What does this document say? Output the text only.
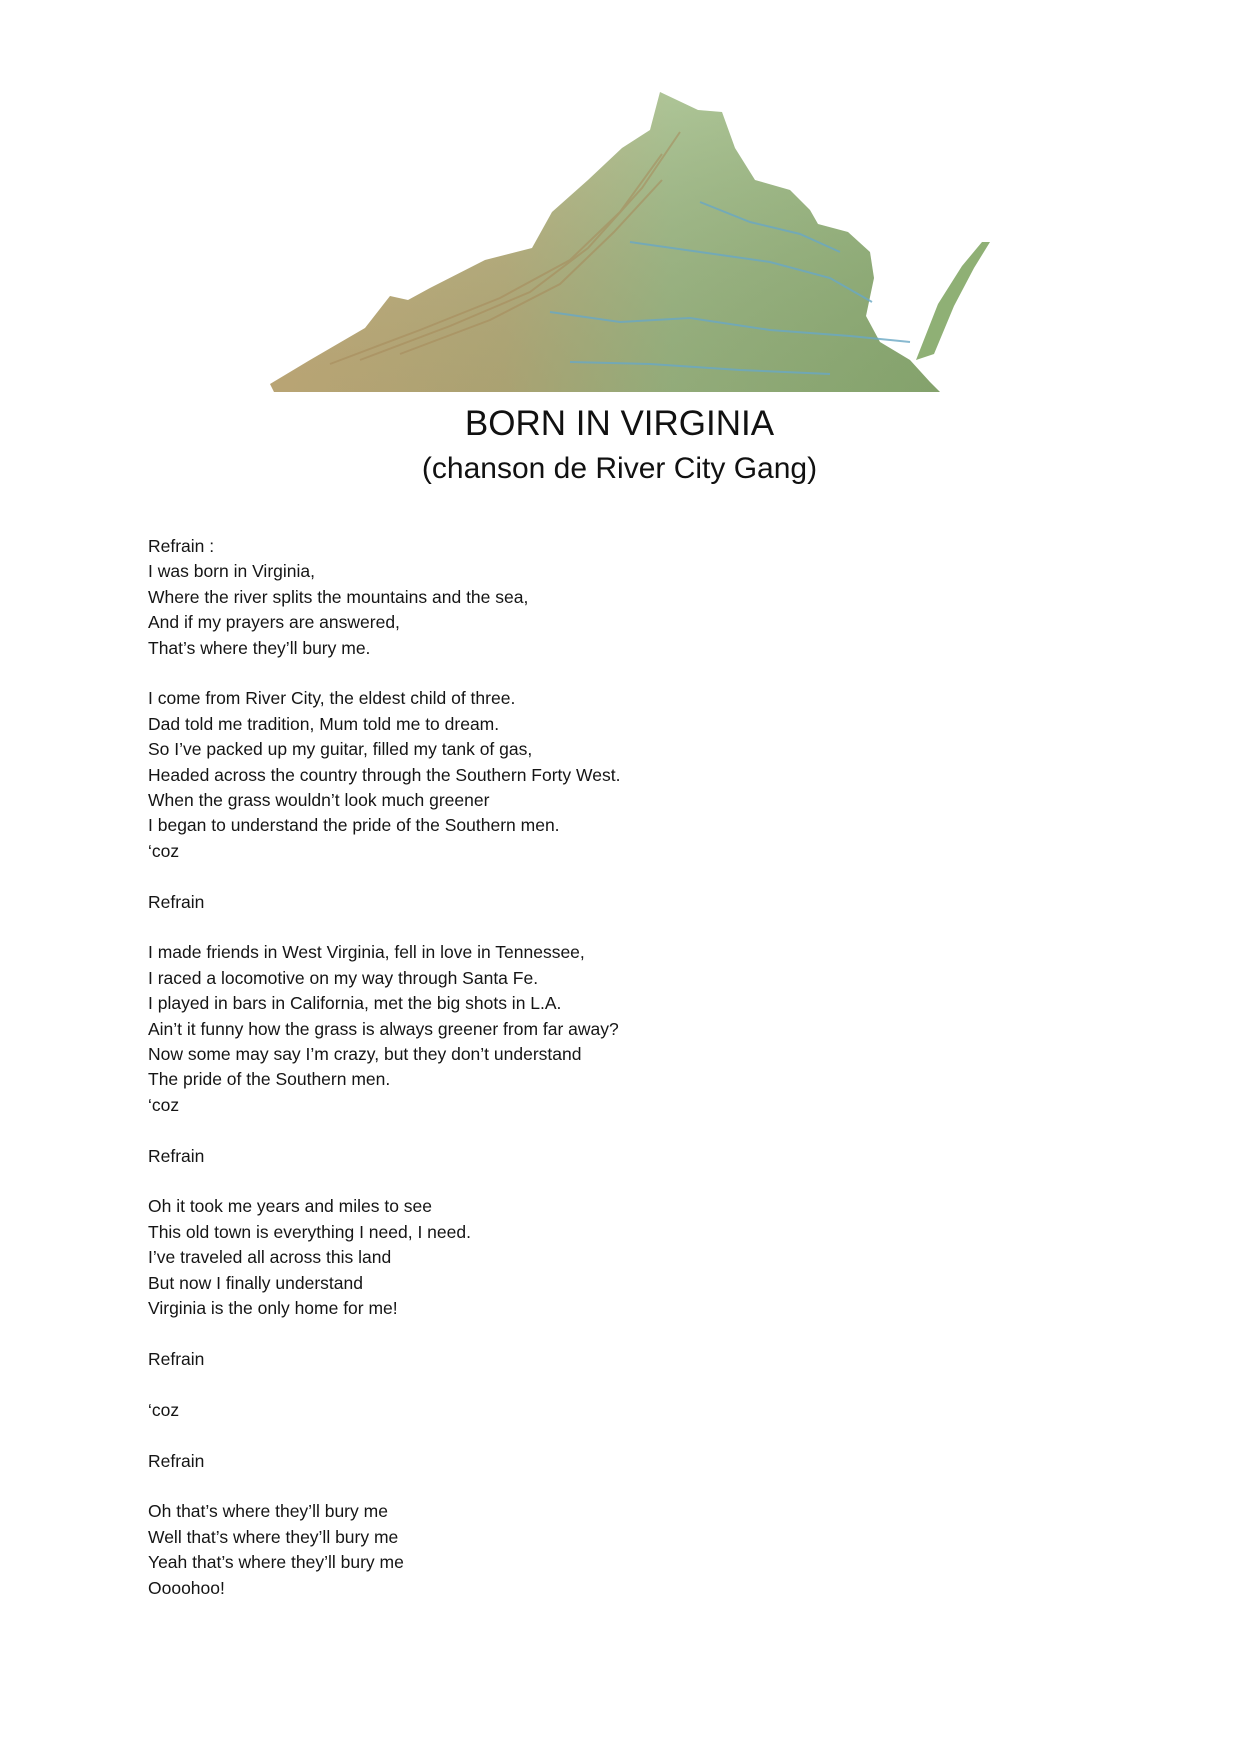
BORN IN VIRGINIA
(chanson de River City Gang)
Refrain :
I was born in Virginia,
Where the river splits the mountains and the sea,
And if my prayers are answered,
That’s where they’ll bury me.
I come from River City, the eldest child of three.
Dad told me tradition, Mum told me to dream.
So I’ve packed up my guitar, filled my tank of gas,
Headed across the country through the Southern Forty West.
When the grass wouldn’t look much greener
I began to understand the pride of the Southern men.
‘coz
Refrain
I made friends in West Virginia, fell in love in Tennessee,
I raced a locomotive on my way through Santa Fe.
I played in bars in California, met the big shots in L.A.
Ain’t it funny how the grass is always greener from far away?
Now some may say I’m crazy, but they don’t understand
The pride of the Southern men.
‘coz
Refrain
Oh it took me years and miles to see
This old town is everything I need, I need.
I’ve traveled all across this land
But now I finally understand
Virginia is the only home for me!
Refrain
‘coz
Refrain
Oh that’s where they’ll bury me
Well that’s where they’ll bury me
Yeah that’s where they’ll bury me
Oooohoo!
